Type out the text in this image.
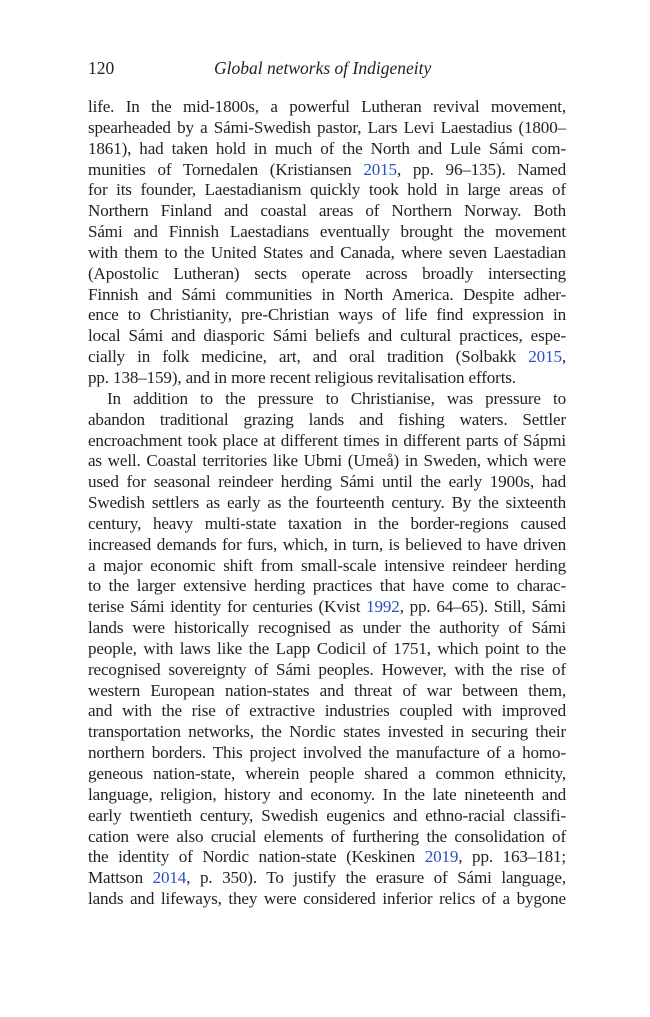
120	Global networks of Indigeneity

life. In the mid-1800s, a powerful Lutheran revival movement,
spearheaded by a Sámi-Swedish pastor, Lars Levi Laestadius (1800–
1861), had taken hold in much of the North and Lule Sámi com-
munities of Tornedalen (Kristiansen 2015, pp. 96–135). Named
for its founder, Laestadianism quickly took hold in large areas of
Northern Finland and coastal areas of Northern Norway. Both
Sámi and Finnish Laestadians eventually brought the movement
with them to the United States and Canada, where seven Laestadian
(Apostolic Lutheran) sects operate across broadly intersecting
Finnish and Sámi communities in North America. Despite adher-
ence to Christianity, pre-Christian ways of life find expression in
local Sámi and diasporic Sámi beliefs and cultural practices, espe-
cially in folk medicine, art, and oral tradition (Solbakk 2015,
pp. 138–159), and in more recent religious revitalisation efforts.

In addition to the pressure to Christianise, was pressure to
abandon traditional grazing lands and fishing waters. Settler
encroachment took place at different times in different parts of Sápmi
as well. Coastal territories like Ubmi (Umeå) in Sweden, which were
used for seasonal reindeer herding Sámi until the early 1900s, had
Swedish settlers as early as the fourteenth century. By the sixteenth
century, heavy multi-state taxation in the border-regions caused
increased demands for furs, which, in turn, is believed to have driven
a major economic shift from small-scale intensive reindeer herding
to the larger extensive herding practices that have come to charac-
terise Sámi identity for centuries (Kvist 1992, pp. 64–65). Still, Sámi
lands were historically recognised as under the authority of Sámi
people, with laws like the Lapp Codicil of 1751, which point to the
recognised sovereignty of Sámi peoples. However, with the rise of
western European nation-states and threat of war between them,
and with the rise of extractive industries coupled with improved
transportation networks, the Nordic states invested in securing their
northern borders. This project involved the manufacture of a homo-
geneous nation-state, wherein people shared a common ethnicity,
language, religion, history and economy. In the late nineteenth and
early twentieth century, Swedish eugenics and ethno-racial classifi-
cation were also crucial elements of furthering the consolidation of
the identity of Nordic nation-state (Keskinen 2019, pp. 163–181;
Mattson 2014, p. 350). To justify the erasure of Sámi language,
lands and lifeways, they were considered inferior relics of a bygone
